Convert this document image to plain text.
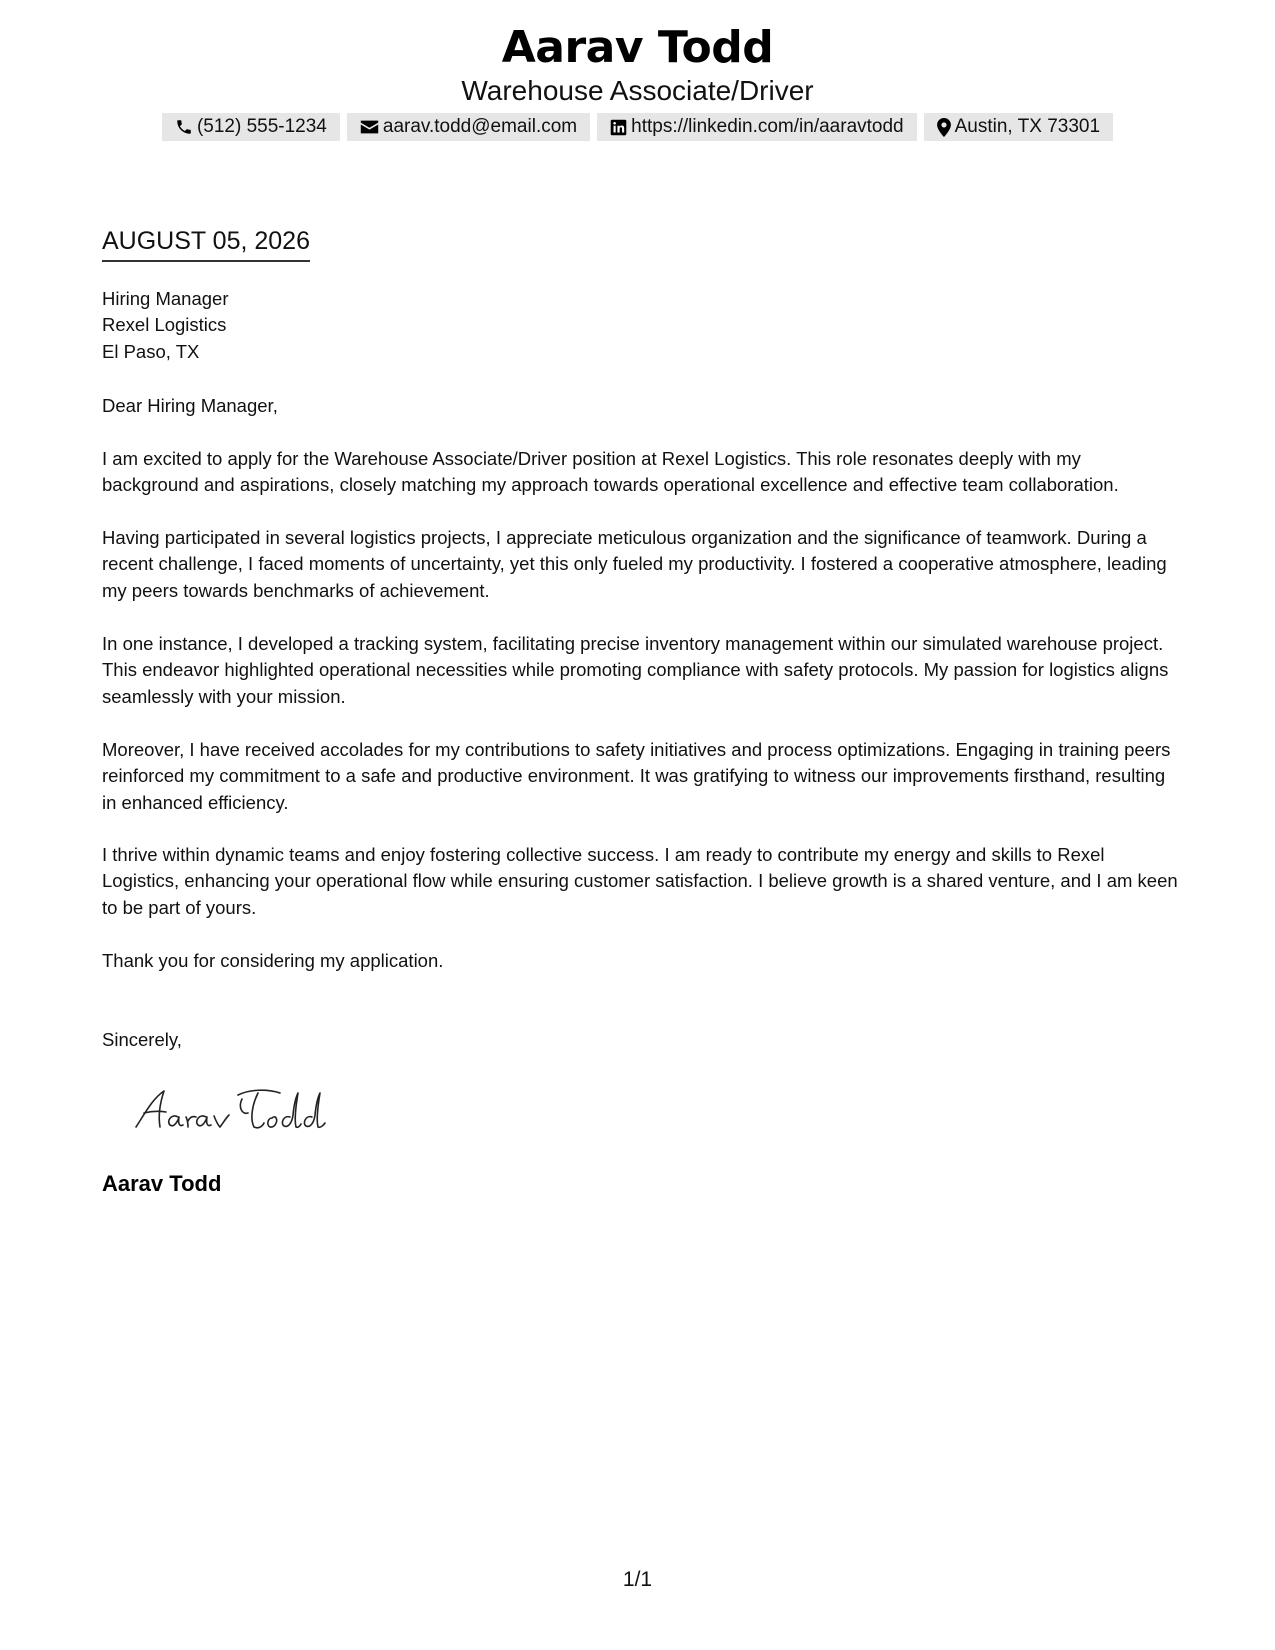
Aarav Todd
Warehouse Associate/Driver
(512) 555-1234	aarav.todd@email.com	https://linkedin.com/in/aaravtodd	Austin, TX 73301
AUGUST 05, 2026
Hiring Manager
Rexel Logistics
El Paso, TX
Dear Hiring Manager,
I am excited to apply for the Warehouse Associate/Driver position at Rexel Logistics. This role resonates deeply with my background and aspirations, closely matching my approach towards operational excellence and effective team collaboration.
Having participated in several logistics projects, I appreciate meticulous organization and the significance of teamwork. During a recent challenge, I faced moments of uncertainty, yet this only fueled my productivity. I fostered a cooperative atmosphere, leading my peers towards benchmarks of achievement.
In one instance, I developed a tracking system, facilitating precise inventory management within our simulated warehouse project. This endeavor highlighted operational necessities while promoting compliance with safety protocols. My passion for logistics aligns seamlessly with your mission.
Moreover, I have received accolades for my contributions to safety initiatives and process optimizations. Engaging in training peers reinforced my commitment to a safe and productive environment. It was gratifying to witness our improvements firsthand, resulting in enhanced efficiency.
I thrive within dynamic teams and enjoy fostering collective success. I am ready to contribute my energy and skills to Rexel Logistics, enhancing your operational flow while ensuring customer satisfaction. I believe growth is a shared venture, and I am keen to be part of yours.
Thank you for considering my application.
Sincerely,
Aarav Todd
1/1
